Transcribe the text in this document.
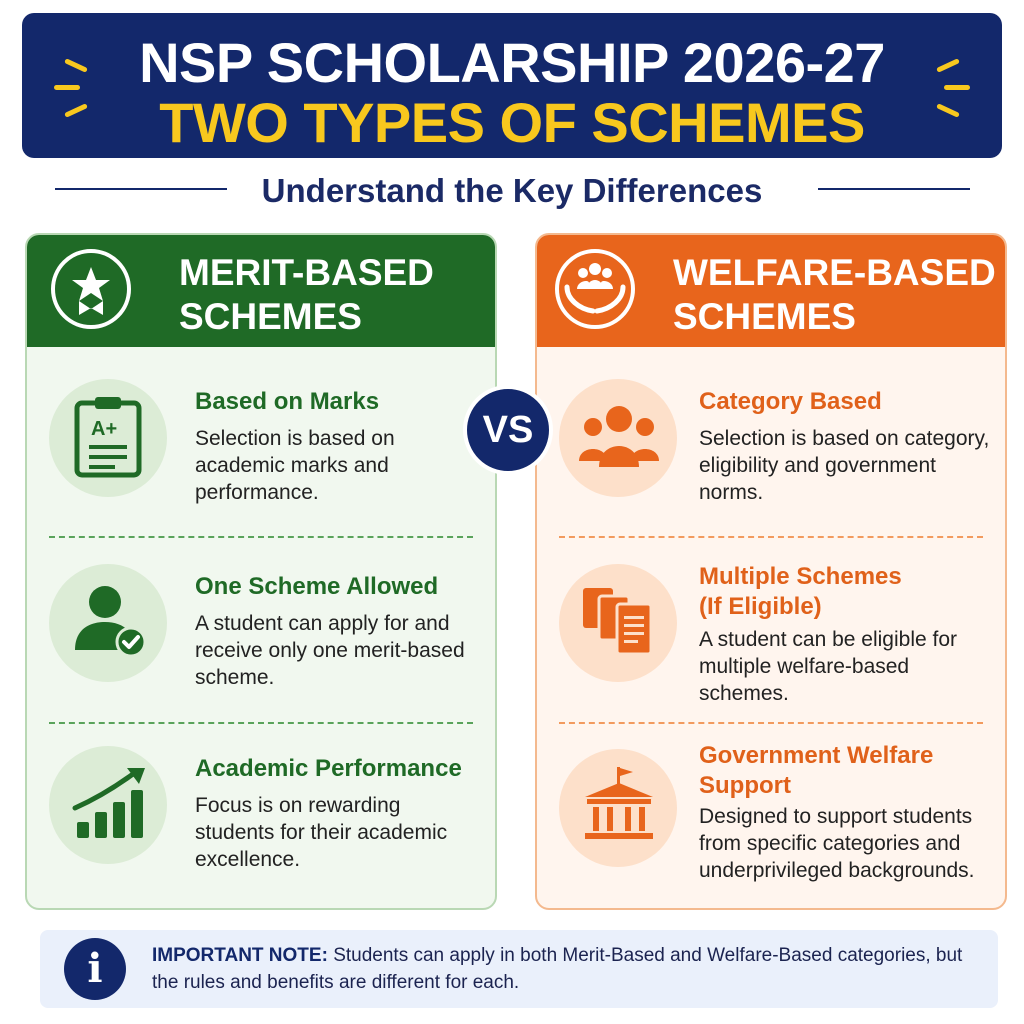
NSP SCHOLARSHIP 2026-27
TWO TYPES OF SCHEMES
Understand the Key Differences
MERIT-BASED
SCHEMES
A+
Based on Marks
Selection is based on academic marks and performance.
One Scheme Allowed
A student can apply for and receive only one merit-based scheme.
Academic Performance
Focus is on rewarding students for their academic excellence.
WELFARE-BASED
SCHEMES
Category Based
Selection is based on category, eligibility and government norms.
Multiple Schemes
(If Eligible)
A student can be eligible for multiple welfare-based schemes.
Government Welfare
Support
Designed to support students from specific categories and underprivileged backgrounds.
VS
i	IMPORTANT NOTE: Students can apply in both Merit-Based and Welfare-Based categories, but the rules and benefits are different for each.
